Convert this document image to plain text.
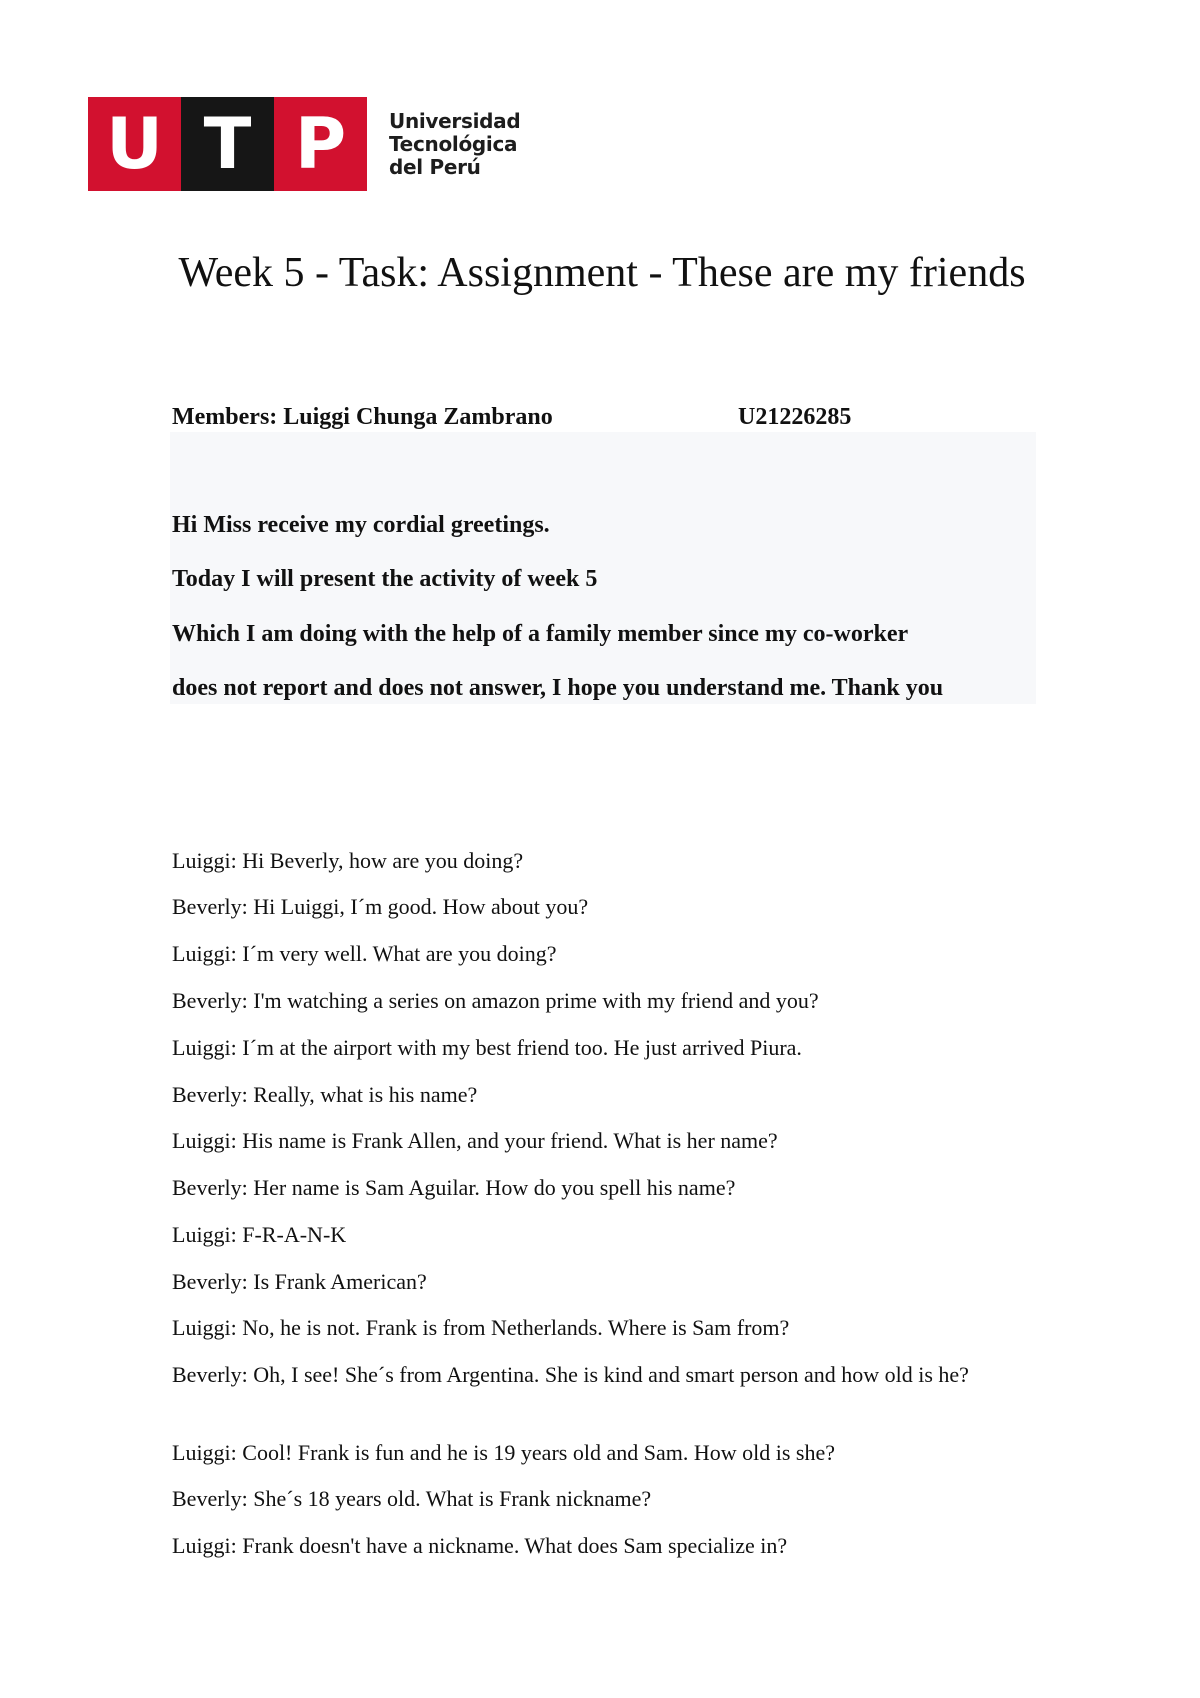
U T P	Universidad
Tecnológica
del Perú
Week 5 - Task: Assignment - These are my friends
Members: Luiggi Chunga Zambrano	U21226285

Hi Miss receive my cordial greetings.

Today I will present the activity of week 5

Which I am doing with the help of a family member since my co-worker

does not report and does not answer, I hope you understand me. Thank you

Luiggi: Hi Beverly, how are you doing?

Beverly: Hi Luiggi, I´m good. How about you?

Luiggi: I´m very well. What are you doing?

Beverly: I'm watching a series on amazon prime with my friend and you?

Luiggi: I´m at the airport with my best friend too. He just arrived Piura.

Beverly: Really, what is his name?

Luiggi: His name is Frank Allen, and your friend. What is her name?

Beverly: Her name is Sam Aguilar. How do you spell his name?

Luiggi: F-R-A-N-K

Beverly: Is Frank American?

Luiggi: No, he is not. Frank is from Netherlands. Where is Sam from?

Beverly: Oh, I see! She´s from Argentina. She is kind and smart person and how old is he?

Luiggi: Cool! Frank is fun and he is 19 years old and Sam. How old is she?

Beverly: She´s 18 years old. What is Frank nickname?

Luiggi: Frank doesn't have a nickname. What does Sam specialize in?
